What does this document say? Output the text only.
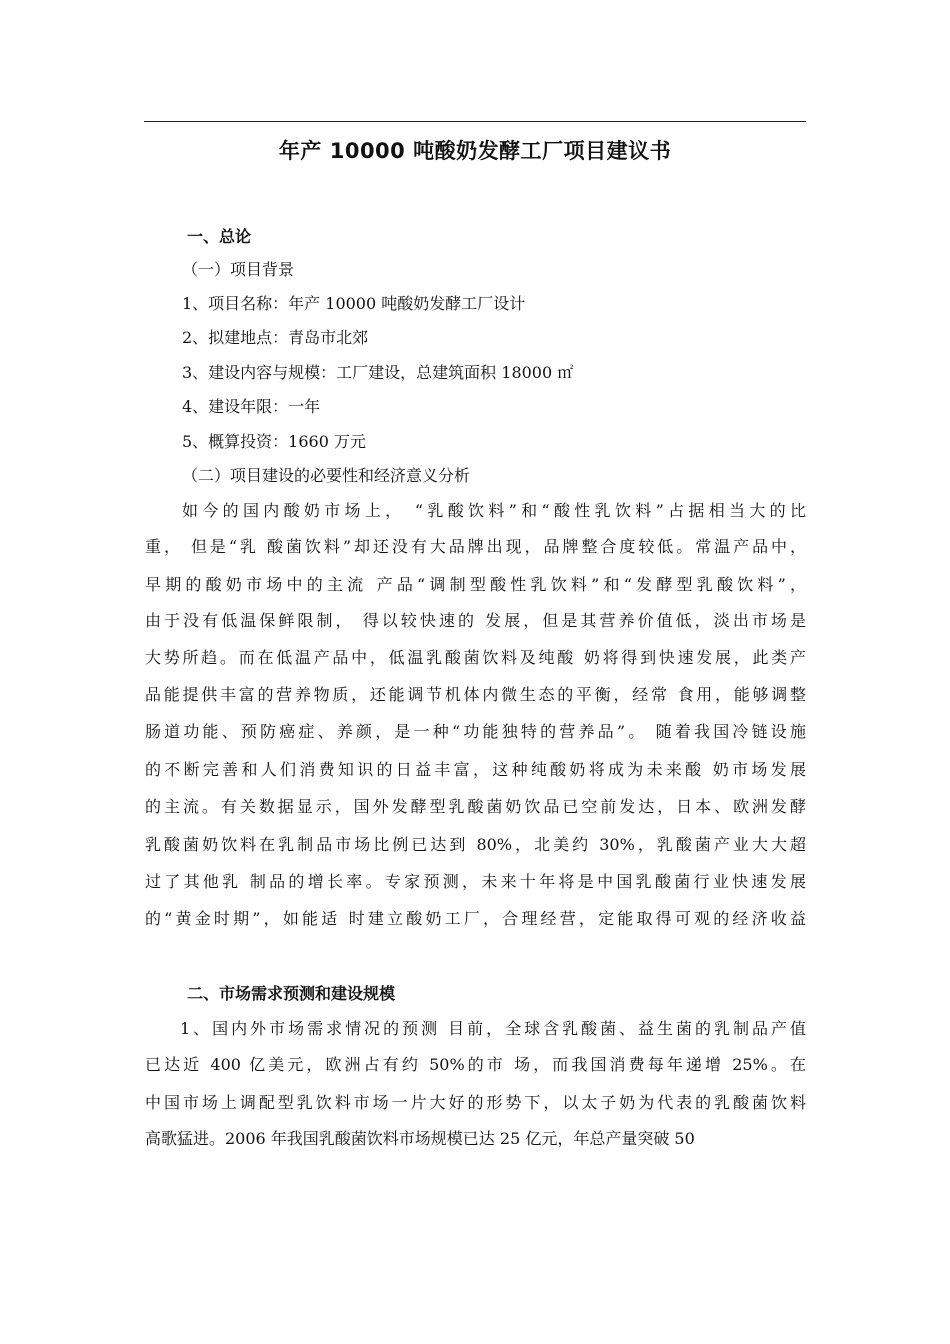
年产 10000 吨酸奶发酵工厂项目建议书
一、总论
（一）项目背景
1、项目名称：年产 10000 吨酸奶发酵工厂设计
2、拟建地点：青岛市北郊
3、建设内容与规模：工厂建设，总建筑面积 18000 ㎡
4、建设年限：一年
5、概算投资：1660 万元
（二）项目建设的必要性和经济意义分析
如今的国内酸奶市场上， “乳酸饮料”和“酸性乳饮料”占据相当大的比
重， 但是“乳 酸菌饮料”却还没有大品牌出现，品牌整合度较低。常温产品中，
早期的酸奶市场中的主流 产品“调制型酸性乳饮料”和“发酵型乳酸饮料”，
由于没有低温保鲜限制， 得以较快速的 发展，但是其营养价值低，淡出市场是
大势所趋。而在低温产品中，低温乳酸菌饮料及纯酸 奶将得到快速发展，此类产
品能提供丰富的营养物质，还能调节机体内微生态的平衡，经常 食用，能够调整
肠道功能、预防癌症、养颜，是一种“功能独特的营养品”。 随着我国冷链设施
的不断完善和人们消费知识的日益丰富，这种纯酸奶将成为未来酸 奶市场发展
的主流。有关数据显示，国外发酵型乳酸菌奶饮品已空前发达，日本、欧洲发酵
乳酸菌奶饮料在乳制品市场比例已达到 80%，北美约 30%，乳酸菌产业大大超
过了其他乳 制品的增长率。专家预测，未来十年将是中国乳酸菌行业快速发展
的“黄金时期”，如能适 时建立酸奶工厂，合理经营，定能取得可观的经济收益
二、市场需求预测和建设规模
1、国内外市场需求情况的预测 目前，全球含乳酸菌、益生菌的乳制品产值
已达近 400 亿美元，欧洲占有约 50%的市 场，而我国消费每年递增 25%。在
中国市场上调配型乳饮料市场一片大好的形势下，以太子奶为代表的乳酸菌饮料
高歌猛进。2006 年我国乳酸菌饮料市场规模已达 25 亿元，年总产量突破 50
